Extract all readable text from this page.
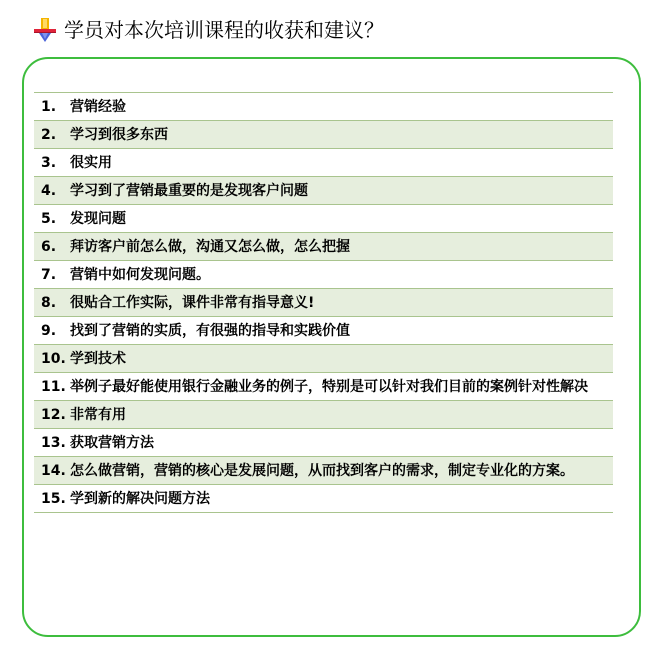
学员对本次培训课程的收获和建议？
1. 营销经验
2. 学习到很多东西
3. 很实用
4. 学习到了营销最重要的是发现客户问题
5. 发现问题
6. 拜访客户前怎么做，沟通又怎么做，怎么把握
7. 营销中如何发现问题。
8. 很贴合工作实际，课件非常有指导意义!
9. 找到了营销的实质，有很强的指导和实践价值
10. 学到技术
11. 举例子最好能使用银行金融业务的例子，特别是可以针对我们目前的案例针对性解决
12. 非常有用
13. 获取营销方法
14. 怎么做营销，营销的核心是发展问题，从而找到客户的需求，制定专业化的方案。
15. 学到新的解决问题方法
